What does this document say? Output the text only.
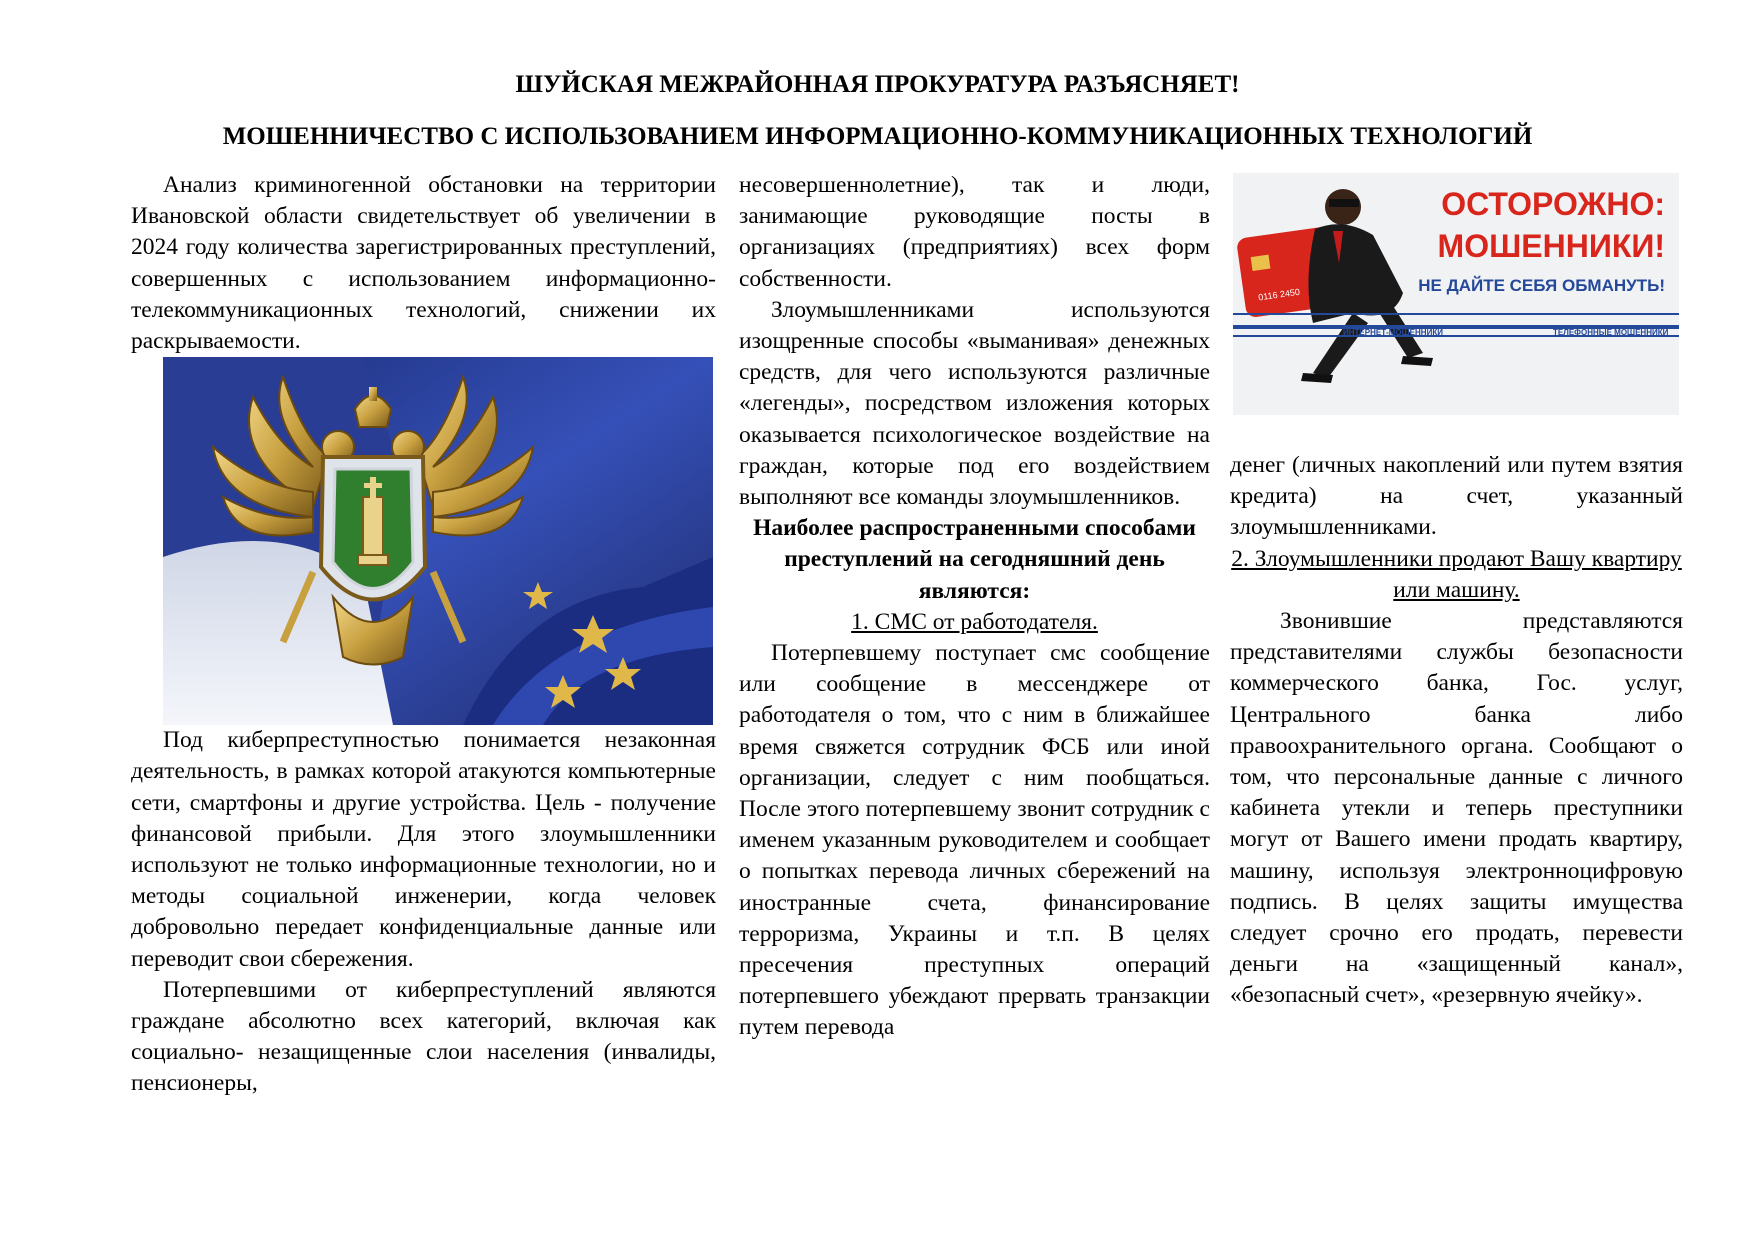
ШУЙСКАЯ МЕЖРАЙОННАЯ ПРОКУРАТУРА РАЗЪЯСНЯЕТ!
МОШЕННИЧЕСТВО С ИСПОЛЬЗОВАНИЕМ ИНФОРМАЦИОННО-КОММУНИКАЦИОННЫХ ТЕХНОЛОГИЙ

Анализ криминогенной обстановки на территории Ивановской области свидетельствует об увеличении в 2024 году количества зарегистрированных преступлений, совершенных с использованием информационно-телекоммуникационных технологий, снижении их раскрываемости.

Под киберпреступностью понимается незаконная деятельность, в рамках которой атакуются компьютерные сети, смартфоны и другие устройства. Цель - получение финансовой прибыли. Для этого злоумышленники используют не только информационные технологии, но и методы социальной инженерии, когда человек добровольно передает конфиденциальные данные или переводит свои сбережения.

Потерпевшими от киберпреступлений являются граждане абсолютно всех категорий, включая как социально- незащищенные слои населения (инвалиды, пенсионеры,

несовершеннолетние), так и люди, занимающие руководящие посты в организациях (предприятиях) всех форм собственности.

Злоумышленниками используются изощренные способы «выманивая» денежных средств, для чего используются различные «легенды», посредством изложения которых оказывается психологическое воздействие на граждан, которые под его воздействием выполняют все команды злоумышленников.

Наиболее распространенными способами преступлений на сегодняшний день являются:

1. СМС от работодателя.

Потерпевшему поступает смс сообщение или сообщение в мессенджере от работодателя о том, что с ним в ближайшее время свяжется сотрудник ФСБ или иной организации, следует с ним пообщаться. После этого потерпевшему звонит сотрудник с именем указанным руководителем и сообщает о попытках перевода личных сбережений на иностранные счета, финансирование терроризма, Украины и т.п. В целях пресечения преступных операций потерпевшего убеждают прервать транзакции путем перевода

0116 2450
ОСТОРОЖНО:
МОШЕННИКИ!
НЕ ДАЙТЕ СЕБЯ ОБМАНУТЬ!
ИНТЕРНЕТ-МОШЕННИКИ	ТЕЛЕФОННЫЕ МОШЕННИКИ

денег (личных накоплений или путем взятия кредита) на счет, указанный злоумышленниками.

2. Злоумышленники продают Вашу квартиру или машину.

Звонившие представляются представителями службы безопасности коммерческого банка, Гос. услуг, Центрального банка либо правоохранительного органа. Сообщают о том, что персональные данные с личного кабинета утекли и теперь преступники могут от Вашего имени продать квартиру, машину, используя электронноцифровую подпись. В целях защиты имущества следует срочно его продать, перевести деньги на «защищенный канал», «безопасный счет», «резервную ячейку».
